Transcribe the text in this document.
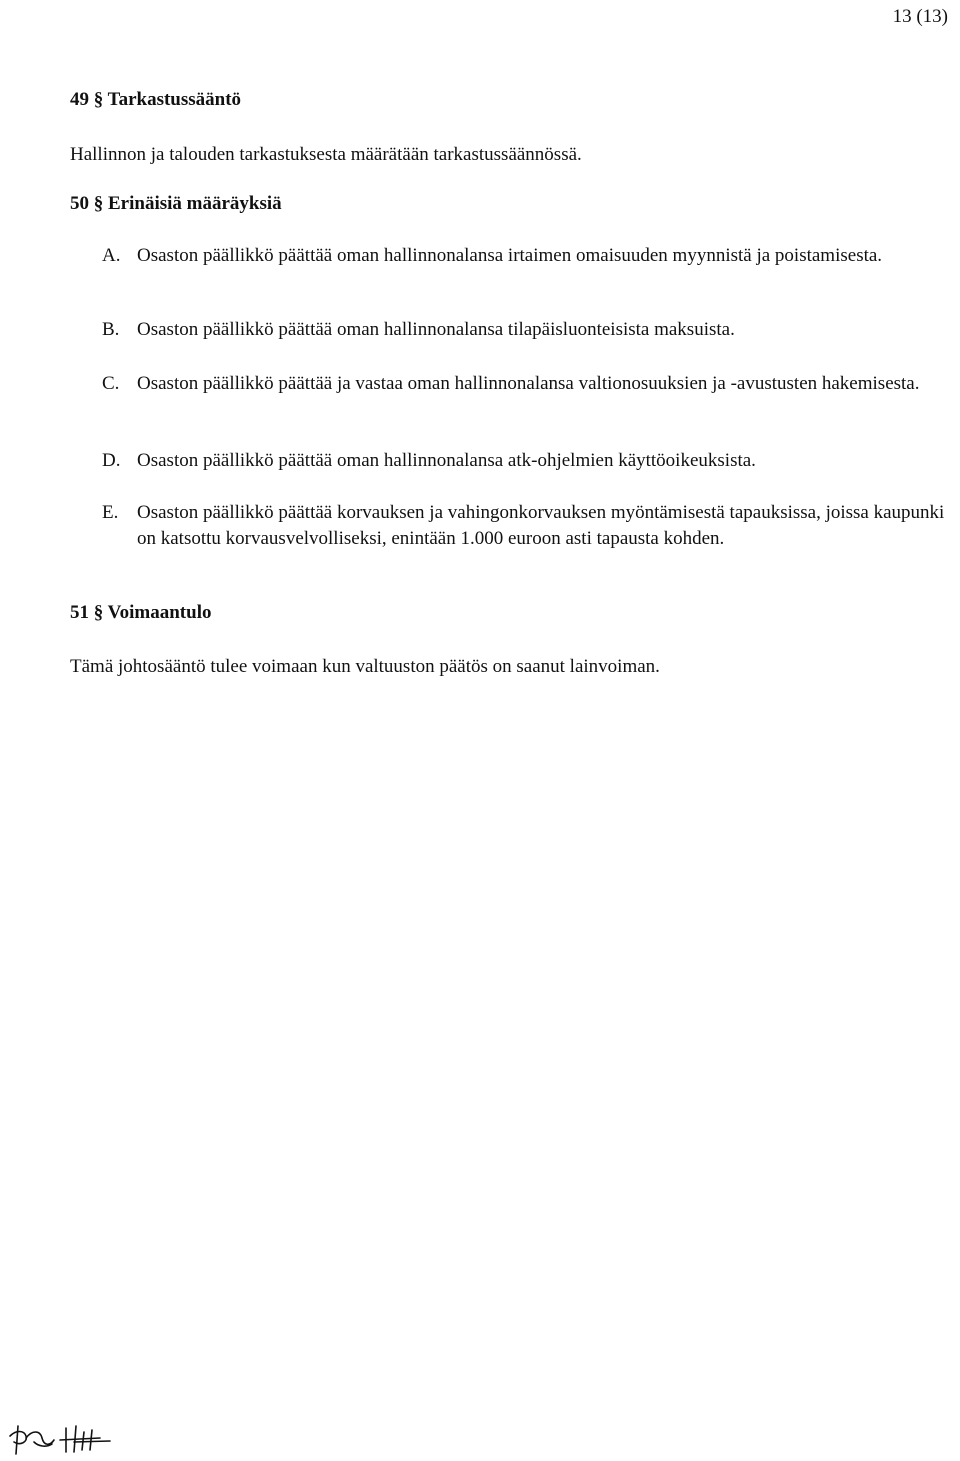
13 (13)
49 § Tarkastussääntö

Hallinnon ja talouden tarkastuksesta määrätään tarkastussäännössä.

50 § Erinäisiä määräyksiä
A. Osaston päällikkö päättää oman hallinnonalansa irtaimen omaisuuden myynnistä ja poistamisesta.
B. Osaston päällikkö päättää oman hallinnonalansa tilapäisluonteisista maksuista.
C. Osaston päällikkö päättää ja vastaa oman hallinnonalansa valtionosuuksien ja -avustusten hakemisesta.
D. Osaston päällikkö päättää oman hallinnonalansa atk-ohjelmien käyttöoikeuksista.
E. Osaston päällikkö päättää korvauksen ja vahingonkorvauksen myöntämisestä tapauksissa, joissa kaupunki on katsottu korvausvelvolliseksi, enintään 1.000 euroon asti tapausta kohden.
51 § Voimaantulo

Tämä johtosääntö tulee voimaan kun valtuuston päätös on saanut lainvoiman.
